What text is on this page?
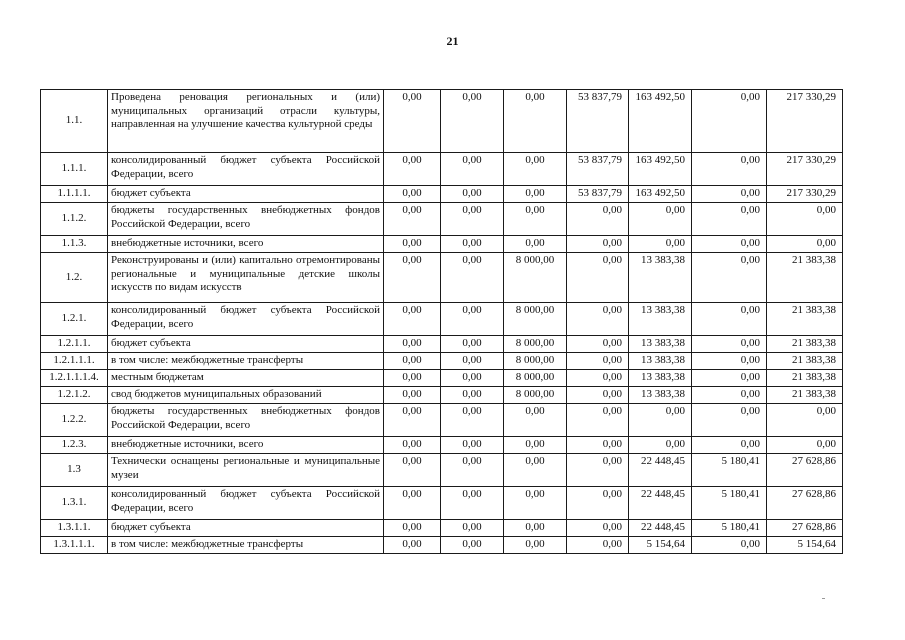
21
1.1.	Проведена реновация региональных и (или) муниципальных организаций отрасли культуры, направленная на улучшение качества культурной среды	0,00	0,00	0,00	53 837,79	163 492,50	0,00	217 330,29
1.1.1.	консолидированный бюджет субъекта Российской Федерации, всего	0,00	0,00	0,00	53 837,79	163 492,50	0,00	217 330,29
1.1.1.1.	бюджет субъекта	0,00	0,00	0,00	53 837,79	163 492,50	0,00	217 330,29
1.1.2.	бюджеты государственных внебюджетных фондов Российской Федерации, всего	0,00	0,00	0,00	0,00	0,00	0,00	0,00
1.1.3.	внебюджетные источники, всего	0,00	0,00	0,00	0,00	0,00	0,00	0,00
1.2.	Реконструированы и (или) капитально отремонтированы региональные и муниципальные детские школы искусств по видам искусств	0,00	0,00	8 000,00	0,00	13 383,38	0,00	21 383,38
1.2.1.	консолидированный бюджет субъекта Российской Федерации, всего	0,00	0,00	8 000,00	0,00	13 383,38	0,00	21 383,38
1.2.1.1.	бюджет субъекта	0,00	0,00	8 000,00	0,00	13 383,38	0,00	21 383,38
1.2.1.1.1.	в том числе: межбюджетные трансферты	0,00	0,00	8 000,00	0,00	13 383,38	0,00	21 383,38
1.2.1.1.1.4.	местным бюджетам	0,00	0,00	8 000,00	0,00	13 383,38	0,00	21 383,38
1.2.1.2.	свод бюджетов муниципальных образований	0,00	0,00	8 000,00	0,00	13 383,38	0,00	21 383,38
1.2.2.	бюджеты государственных внебюджетных фондов Российской Федерации, всего	0,00	0,00	0,00	0,00	0,00	0,00	0,00
1.2.3.	внебюджетные источники, всего	0,00	0,00	0,00	0,00	0,00	0,00	0,00
1.3	Технически оснащены региональные и муниципальные музеи	0,00	0,00	0,00	0,00	22 448,45	5 180,41	27 628,86
1.3.1.	консолидированный бюджет субъекта Российской Федерации, всего	0,00	0,00	0,00	0,00	22 448,45	5 180,41	27 628,86
1.3.1.1.	бюджет субъекта	0,00	0,00	0,00	0,00	22 448,45	5 180,41	27 628,86
1.3.1.1.1.	в том числе: межбюджетные трансферты	0,00	0,00	0,00	0,00	5 154,64	0,00	5 154,64
